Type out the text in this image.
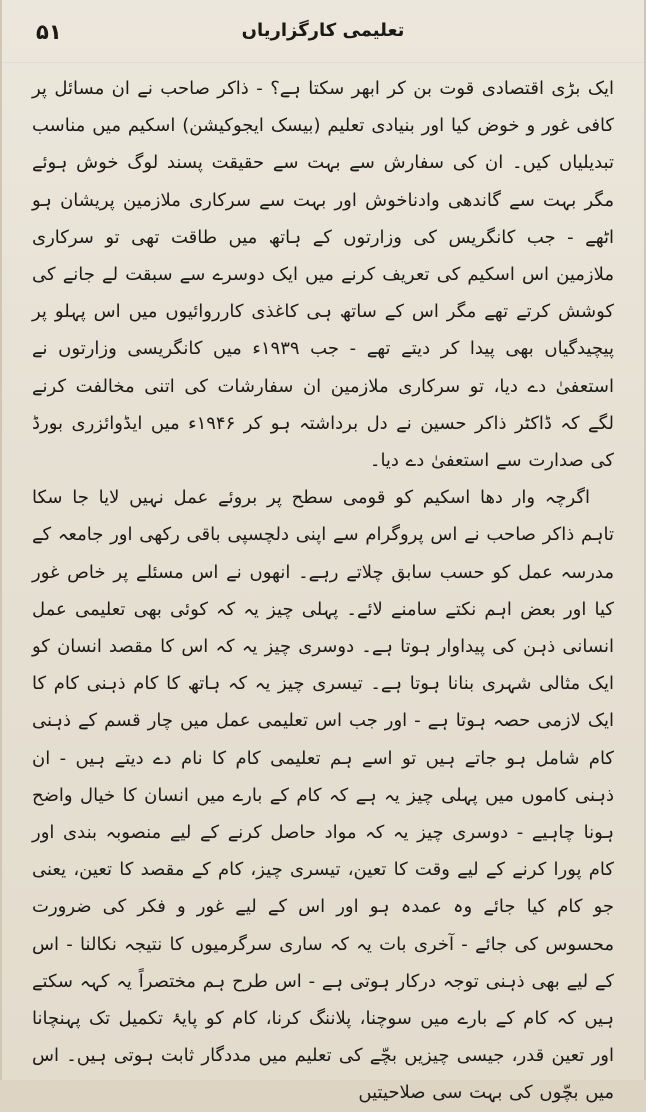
۵۱	تعلیمی کارگزاریاں

ایک بڑی اقتصادی قوت بن کر ابھر سکتا ہے؟ - ذاکر صاحب نے ان مسائل پر کافی غور و خوض کیا اور بنیادی تعلیم (بیسک ایجوکیشن) اسکیم میں مناسب تبدیلیاں کیں۔ ان کی سفارش سے بہت سے حقیقت پسند لوگ خوش ہوئے مگر بہت سے گاندھی وادناخوش اور بہت سے سرکاری ملازمین پریشان ہو اٹھے - جب کانگریس کی وزارتوں کے ہاتھ میں طاقت تھی تو سرکاری ملازمین اس اسکیم کی تعریف کرنے میں ایک دوسرے سے سبقت لے جانے کی کوشش کرتے تھے مگر اس کے ساتھ ہی کاغذی کارروائیوں میں اس پہلو پر پیچیدگیاں بھی پیدا کر دیتے تھے - جب ۱۹۳۹ء میں کانگریسی وزارتوں نے استعفیٰ دے دیا، تو سرکاری ملازمین ان سفارشات کی اتنی مخالفت کرنے لگے کہ ڈاکٹر ذاکر حسین نے دل برداشتہ ہو کر ۱۹۴۶ء میں ایڈوائزری بورڈ کی صدارت سے استعفیٰ دے دیا۔

اگرچہ وار دھا اسکیم کو قومی سطح پر بروئے عمل نہیں لایا جا سکا تاہم ذاکر صاحب نے اس پروگرام سے اپنی دلچسپی باقی رکھی اور جامعہ کے مدرسہ عمل کو حسب سابق چلاتے رہے۔ انھوں نے اس مسئلے پر خاص غور کیا اور بعض اہم نکتے سامنے لائے۔ پہلی چیز یہ کہ کوئی بھی تعلیمی عمل انسانی ذہن کی پیداوار ہوتا ہے۔ دوسری چیز یہ کہ اس کا مقصد انسان کو ایک مثالی شہری بنانا ہوتا ہے۔ تیسری چیز یہ کہ ہاتھ کا کام ذہنی کام کا ایک لازمی حصہ ہوتا ہے - اور جب اس تعلیمی عمل میں چار قسم کے ذہنی کام شامل ہو جاتے ہیں تو اسے ہم تعلیمی کام کا نام دے دیتے ہیں - ان ذہنی کاموں میں پہلی چیز یہ ہے کہ کام کے بارے میں انسان کا خیال واضح ہونا چاہیے - دوسری چیز یہ کہ مواد حاصل کرنے کے لیے منصوبہ بندی اور کام پورا کرنے کے لیے وقت کا تعین، تیسری چیز، کام کے مقصد کا تعین، یعنی جو کام کیا جائے وہ عمدہ ہو اور اس کے لیے غور و فکر کی ضرورت محسوس کی جائے - آخری بات یہ کہ ساری سرگرمیوں کا نتیجہ نکالنا - اس کے لیے بھی ذہنی توجہ درکار ہوتی ہے - اس طرح ہم مختصراً یہ کہہ سکتے ہیں کہ کام کے بارے میں سوچنا، پلاننگ کرنا، کام کو پایۂ تکمیل تک پہنچانا اور تعین قدر، جیسی چیزیں بچّے کی تعلیم میں مددگار ثابت ہوتی ہیں۔ اس میں بچّوں کی بہت سی صلاحیتیں
